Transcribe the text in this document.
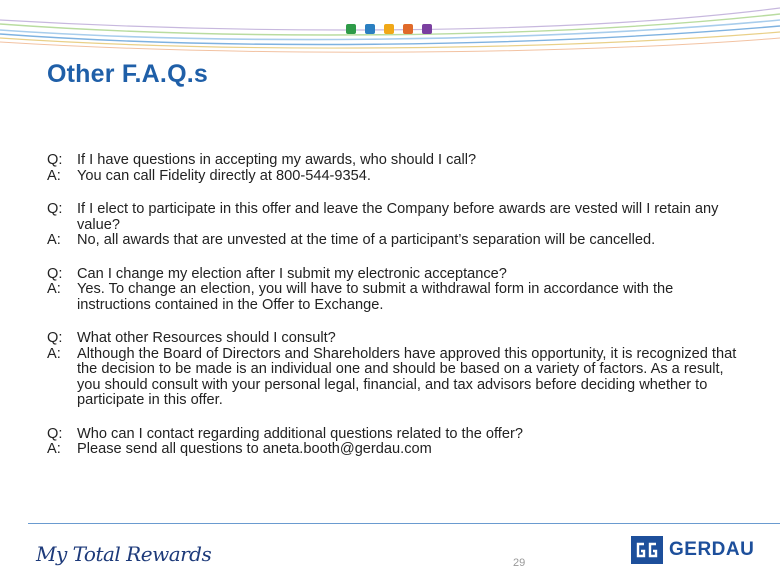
Other F.A.Q.s
Q: If I have questions in accepting my awards, who should I call?
A:	You can call Fidelity directly at 800-544-9354.
Q: If I elect to participate in this offer and leave the Company before awards are vested will I retain any value?
A:	No, all awards that are unvested at the time of a participant’s separation will be cancelled.
Q: Can I change my election after I submit my electronic acceptance?
A:	Yes. To change an election, you will have to submit a withdrawal form in accordance with the instructions contained in the Offer to Exchange.
Q: What other Resources should I consult?
A:	Although the Board of Directors and Shareholders have approved this opportunity, it is recognized that the decision to be made is an individual one and should be based on a variety of factors. As a result, you should consult with your personal legal, financial, and tax advisors before deciding whether to participate in this offer.
Q: Who can I contact regarding additional questions related to the offer?
A:	Please send all questions to aneta.booth@gerdau.com
My Total Rewards	29
GERDAU
